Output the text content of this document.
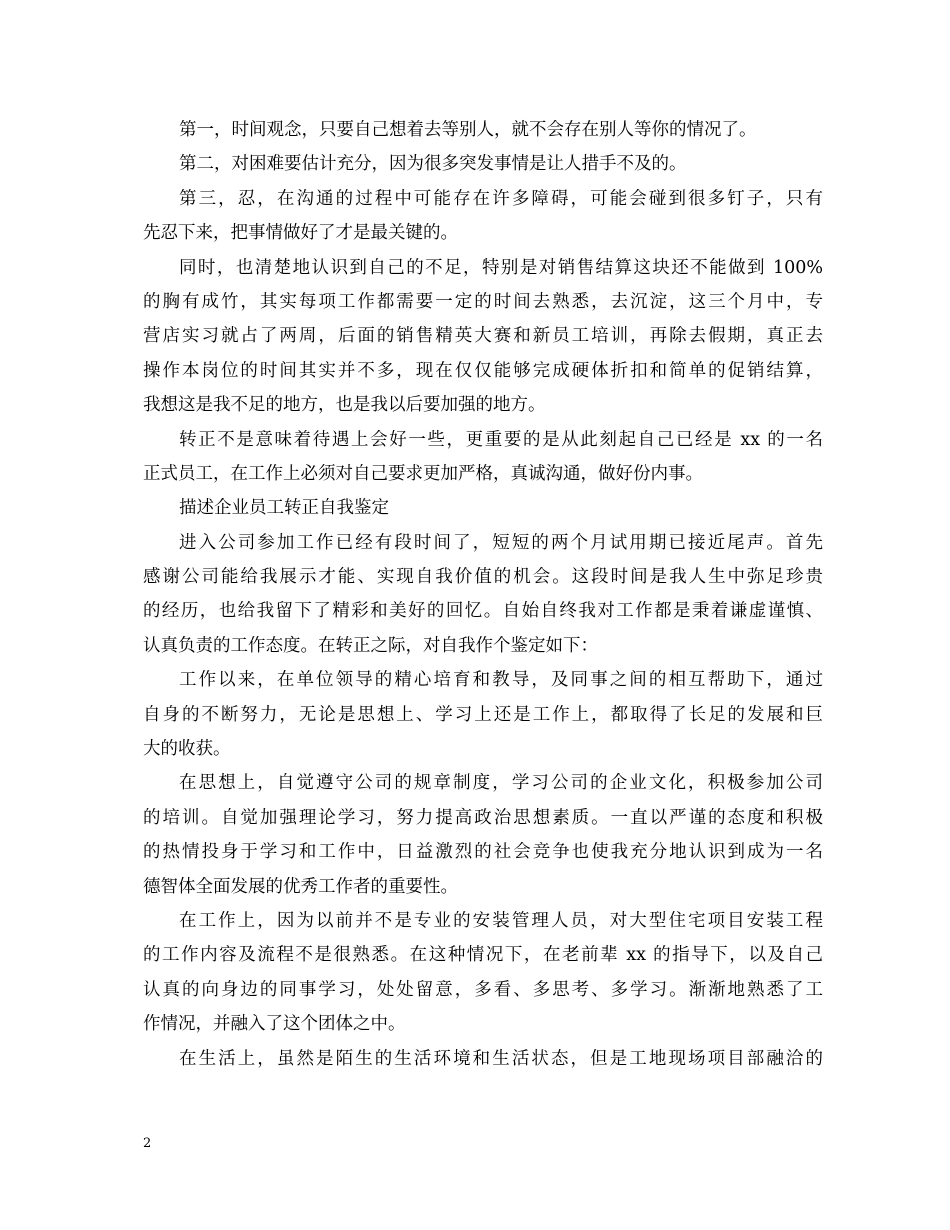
第一，时间观念，只要自己想着去等别人，就不会存在别人等你的情况了。
第二，对困难要估计充分，因为很多突发事情是让人措手不及的。
第三，忍，在沟通的过程中可能存在许多障碍，可能会碰到很多钉子，只有
先忍下来，把事情做好了才是最关键的。
同时，也清楚地认识到自己的不足，特别是对销售结算这块还不能做到 100%
的胸有成竹，其实每项工作都需要一定的时间去熟悉，去沉淀，这三个月中，专
营店实习就占了两周，后面的销售精英大赛和新员工培训，再除去假期，真正去
操作本岗位的时间其实并不多，现在仅仅能够完成硬体折扣和简单的促销结算，
我想这是我不足的地方，也是我以后要加强的地方。
转正不是意味着待遇上会好一些，更重要的是从此刻起自己已经是 xx 的一名
正式员工，在工作上必须对自己要求更加严格，真诚沟通，做好份内事。
描述企业员工转正自我鉴定
进入公司参加工作已经有段时间了，短短的两个月试用期已接近尾声。首先
感谢公司能给我展示才能、实现自我价值的机会。这段时间是我人生中弥足珍贵
的经历，也给我留下了精彩和美好的回忆。自始自终我对工作都是秉着谦虚谨慎、
认真负责的工作态度。在转正之际，对自我作个鉴定如下：
工作以来，在单位领导的精心培育和教导，及同事之间的相互帮助下，通过
自身的不断努力，无论是思想上、学习上还是工作上，都取得了长足的发展和巨
大的收获。
在思想上，自觉遵守公司的规章制度，学习公司的企业文化，积极参加公司
的培训。自觉加强理论学习，努力提高政治思想素质。一直以严谨的态度和积极
的热情投身于学习和工作中，日益激烈的社会竞争也使我充分地认识到成为一名
德智体全面发展的优秀工作者的重要性。
在工作上，因为以前并不是专业的安装管理人员，对大型住宅项目安装工程
的工作内容及流程不是很熟悉。在这种情况下，在老前辈 xx 的指导下，以及自己
认真的向身边的同事学习，处处留意，多看、多思考、多学习。渐渐地熟悉了工
作情况，并融入了这个团体之中。
在生活上，虽然是陌生的生活环境和生活状态，但是工地现场项目部融洽的
2
